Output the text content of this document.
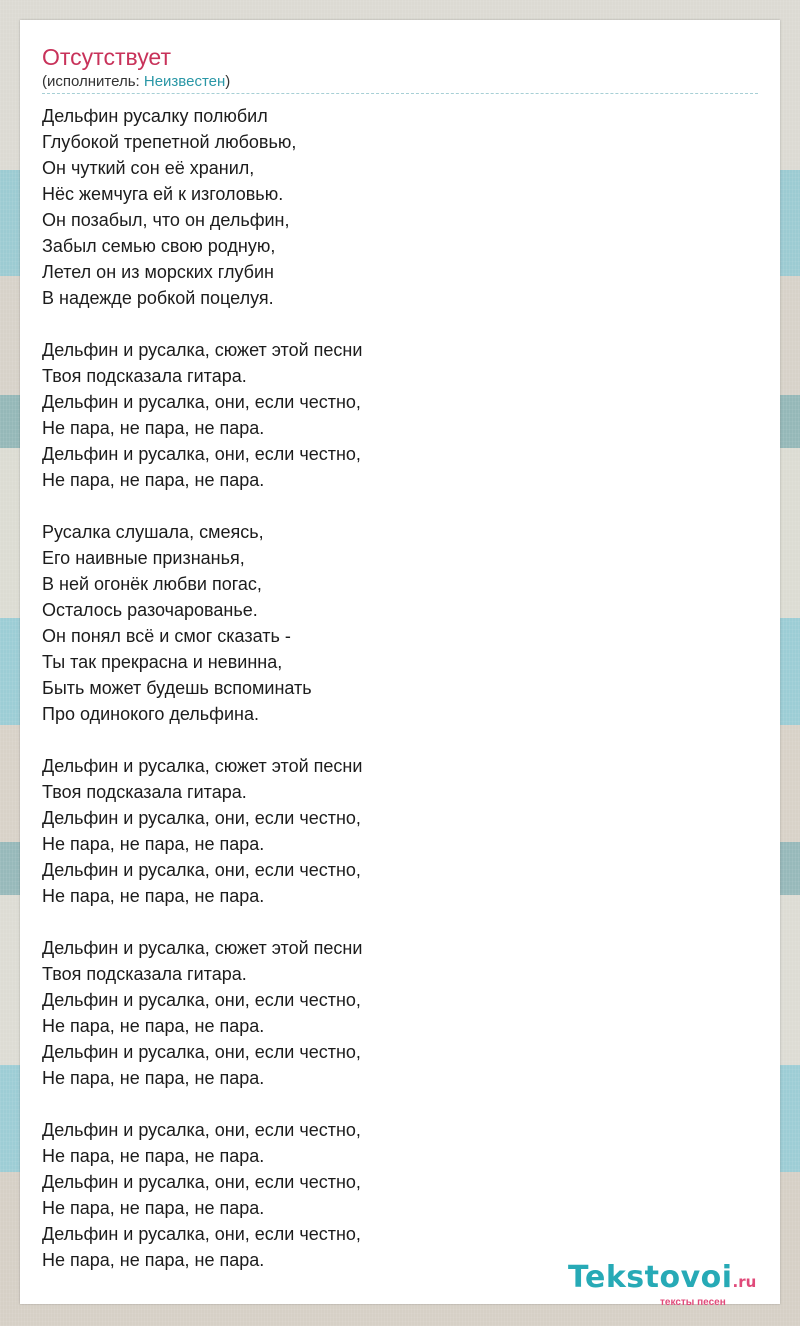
Отсутствует
(исполнитель: Неизвестен)
Дельфин русалку полюбил
Глубокой трепетной любовью,
Он чуткий сон её хранил,
Нёс жемчуга ей к изголовью.
Он позабыл, что он дельфин,
Забыл семью свою родную,
Летел он из морских глубин
В надежде робкой поцелуя.
Дельфин и русалка, сюжет этой песни
Твоя подсказала гитара.
Дельфин и русалка, они, если честно,
Не пара, не пара, не пара.
Дельфин и русалка, они, если честно,
Не пара, не пара, не пара.
Русалка слушала, смеясь,
Его наивные признанья,
В ней огонёк любви погас,
Осталось разочарованье.
Он понял всё и смог сказать -
Ты так прекрасна и невинна,
Быть может будешь вспоминать
Про одинокого дельфина.
Дельфин и русалка, сюжет этой песни
Твоя подсказала гитара.
Дельфин и русалка, они, если честно,
Не пара, не пара, не пара.
Дельфин и русалка, они, если честно,
Не пара, не пара, не пара.
Дельфин и русалка, сюжет этой песни
Твоя подсказала гитара.
Дельфин и русалка, они, если честно,
Не пара, не пара, не пара.
Дельфин и русалка, они, если честно,
Не пара, не пара, не пара.
Дельфин и русалка, они, если честно,
Не пара, не пара, не пара.
Дельфин и русалка, они, если честно,
Не пара, не пара, не пара.
Дельфин и русалка, они, если честно,
Не пара, не пара, не пара.	Tekstovoi.ru
тексты песен
